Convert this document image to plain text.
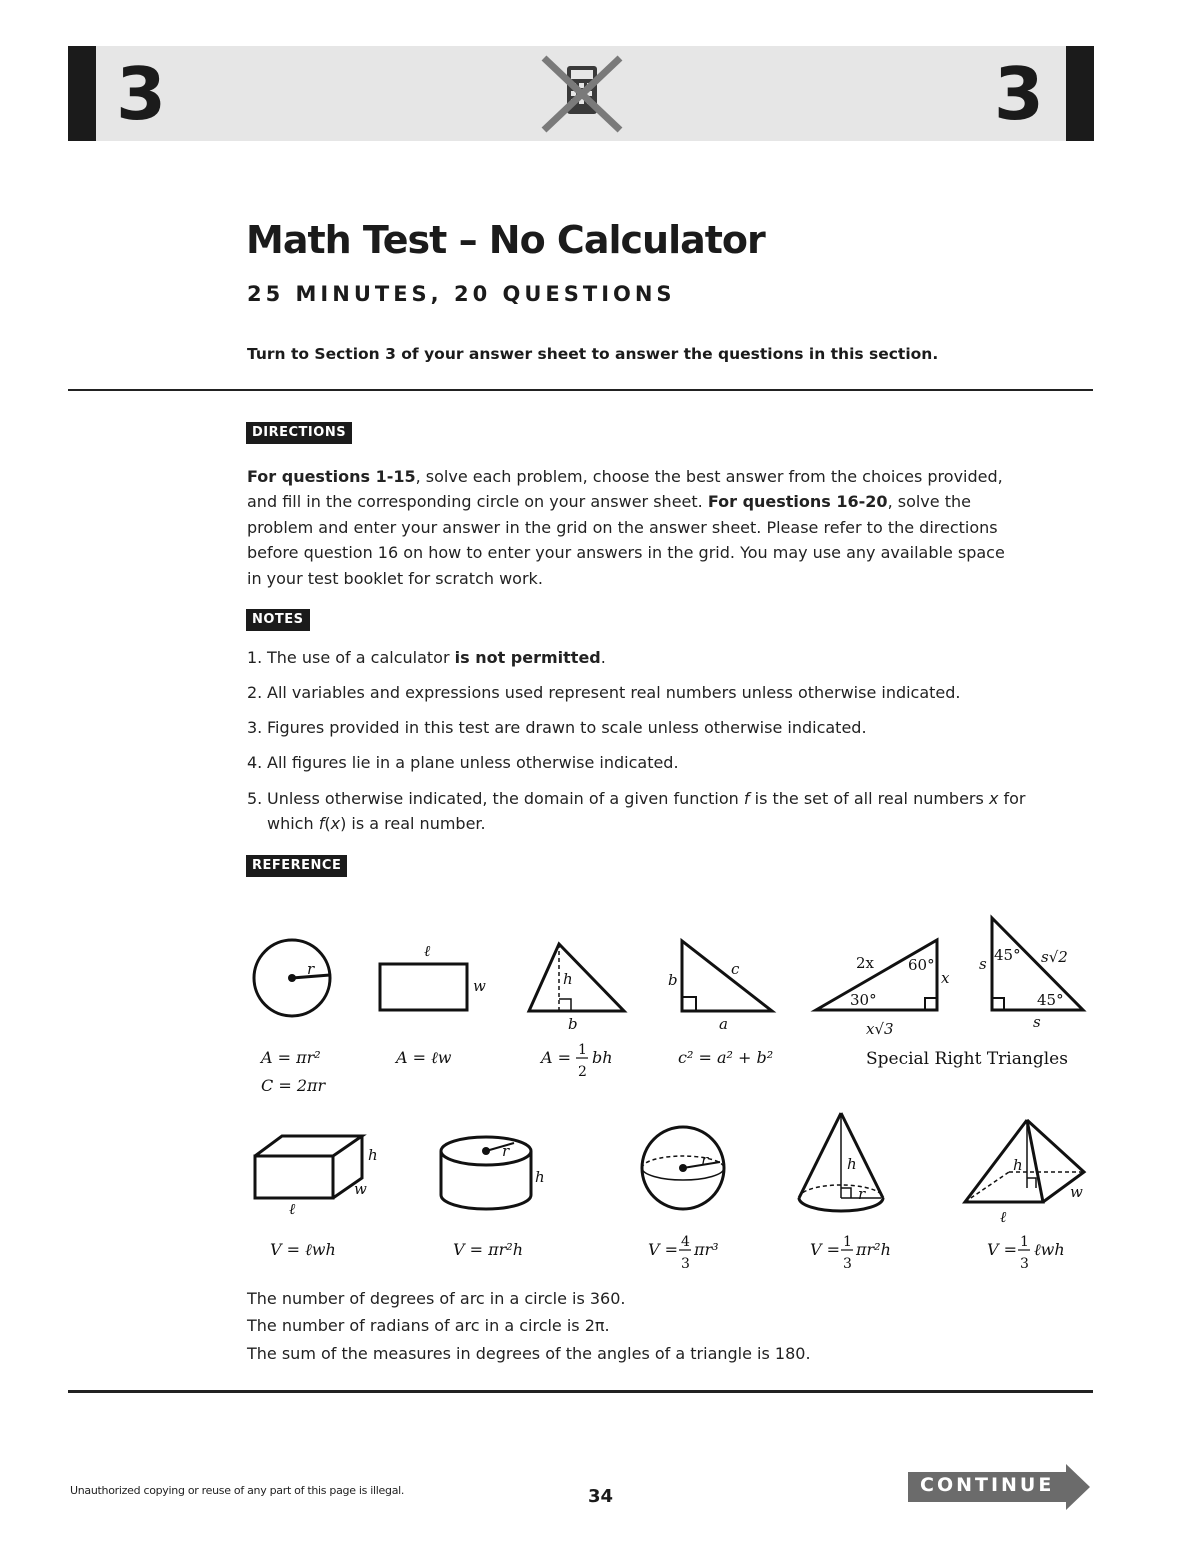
3	3
Math Test – No Calculator
25 MINUTES, 20 QUESTIONS
Turn to Section 3 of your answer sheet to answer the questions in this section.
DIRECTIONS
For questions 1-15, solve each problem, choose the best answer from the choices provided, and fill in the corresponding circle on your answer sheet. For questions 16-20, solve the problem and enter your answer in the grid on the answer sheet. Please refer to the directions before question 16 on how to enter your answers in the grid. You may use any available space in your test booklet for scratch work.
NOTES
1. The use of a calculator is not permitted.
2. All variables and expressions used represent real numbers unless otherwise indicated.
3. Figures provided in this test are drawn to scale unless otherwise indicated.
4. All figures lie in a plane unless otherwise indicated.
5. Unless otherwise indicated, the domain of a given function f is the set of all real numbers x for
which f(x) is a real number.
REFERENCE
r
ℓ
w	h
b
b
c
a
2x 60°
x
30°
x√3
s 45° s√2
45°
s
h
w
ℓ
r
h
r	h
r
h
w
ℓ
A = πr²
C = 2πr
A = ℓw	A = 1
2
bh	c² = a² + b²	Special Right Triangles
V = ℓwh	V = πr²h	V = 4
3
πr³	V = 1
3
πr²h	V = 1
3
ℓwh
The number of degrees of arc in a circle is 360.
The number of radians of arc in a circle is 2π.
The sum of the measures in degrees of the angles of a triangle is 180.
Unauthorized copying or reuse of any part of this page is illegal.	34
CONTINUE
